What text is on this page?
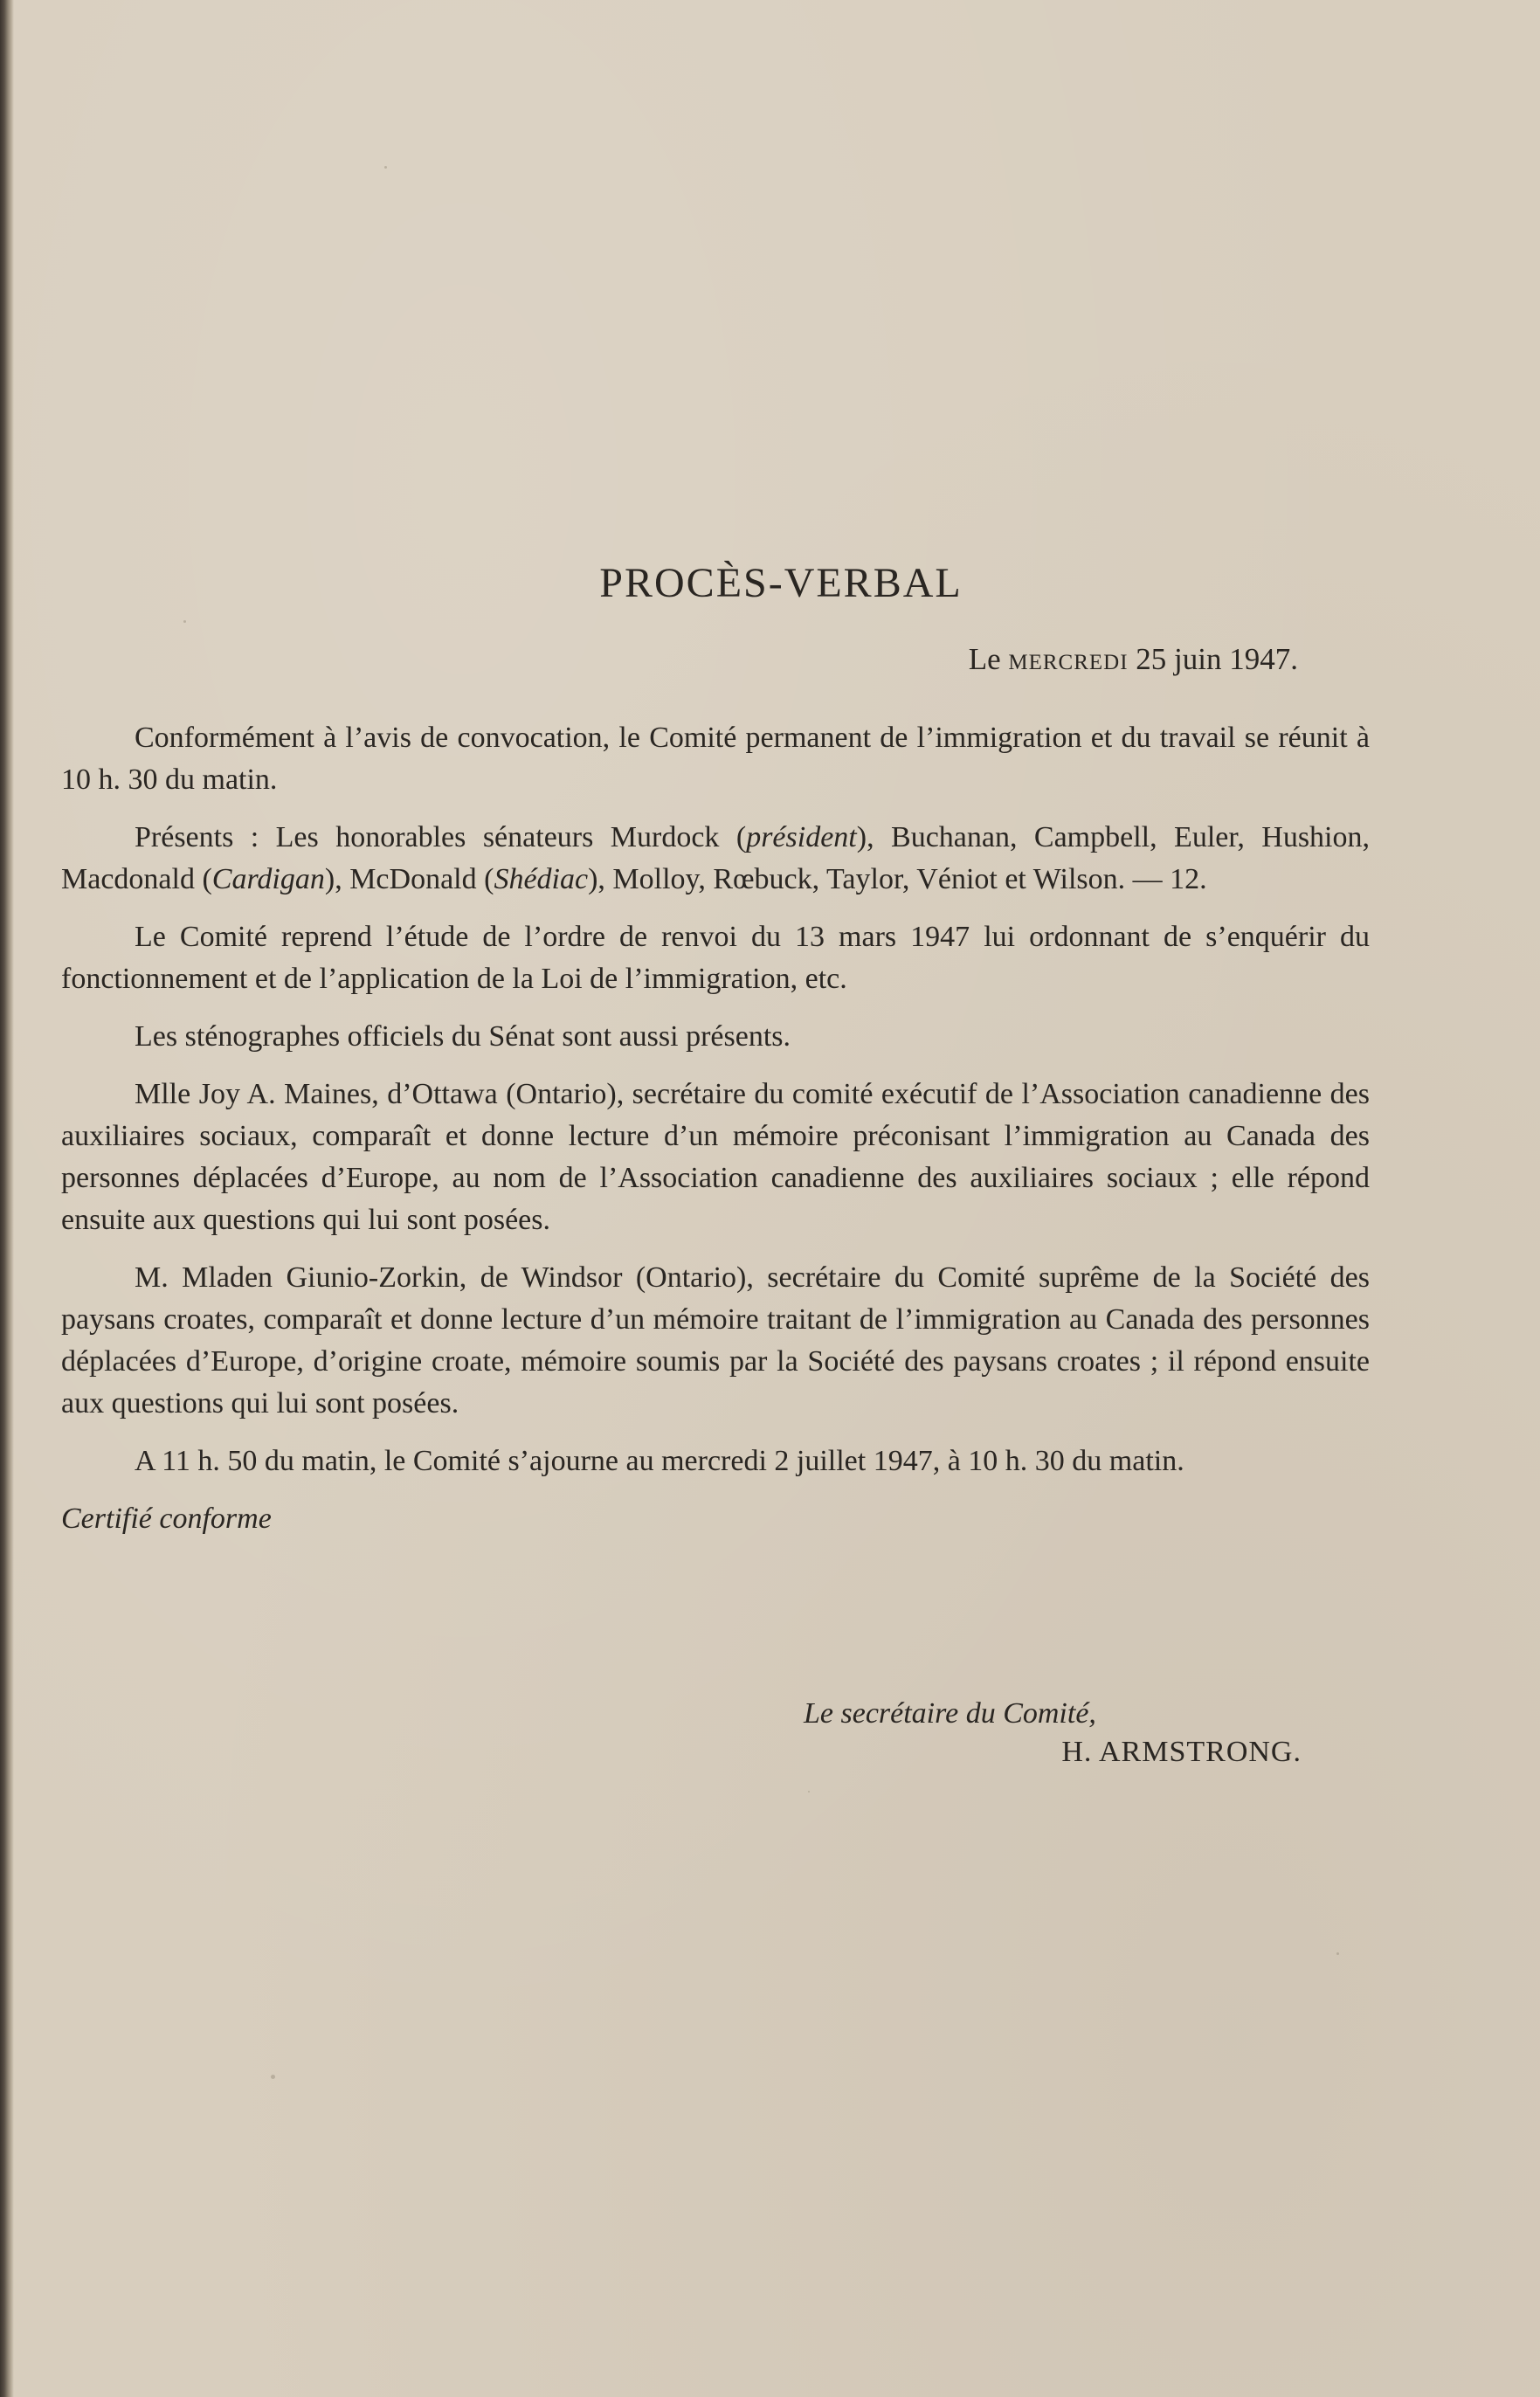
PROCÈS-VERBAL
Le mercredi 25 juin 1947.

Conformément à l’avis de convocation, le Comité permanent de l’immigration et du travail se réunit à 10 h. 30 du matin.

Présents : Les honorables sénateurs Murdock (président), Buchanan, Campbell, Euler, Hushion, Macdonald (Cardigan), McDonald (Shédiac), Molloy, Rœbuck, Taylor, Véniot et Wilson. — 12.

Le Comité reprend l’étude de l’ordre de renvoi du 13 mars 1947 lui ordonnant de s’enquérir du fonctionnement et de l’application de la Loi de l’immigration, etc.

Les sténographes officiels du Sénat sont aussi présents.

Mlle Joy A. Maines, d’Ottawa (Ontario), secrétaire du comité exécutif de l’Association canadienne des auxiliaires sociaux, comparaît et donne lecture d’un mémoire préconisant l’immigration au Canada des personnes déplacées d’Europe, au nom de l’Association canadienne des auxiliaires sociaux ; elle répond ensuite aux questions qui lui sont posées.

M. Mladen Giunio-Zorkin, de Windsor (Ontario), secrétaire du Comité suprême de la Société des paysans croates, comparaît et donne lecture d’un mémoire traitant de l’immigration au Canada des personnes déplacées d’Europe, d’origine croate, mémoire soumis par la Société des paysans croates ; il répond ensuite aux questions qui lui sont posées.

A 11 h. 50 du matin, le Comité s’ajourne au mercredi 2 juillet 1947, à 10 h. 30 du matin.

Certifié conforme
Le secrétaire du Comité,
H. ARMSTRONG.
